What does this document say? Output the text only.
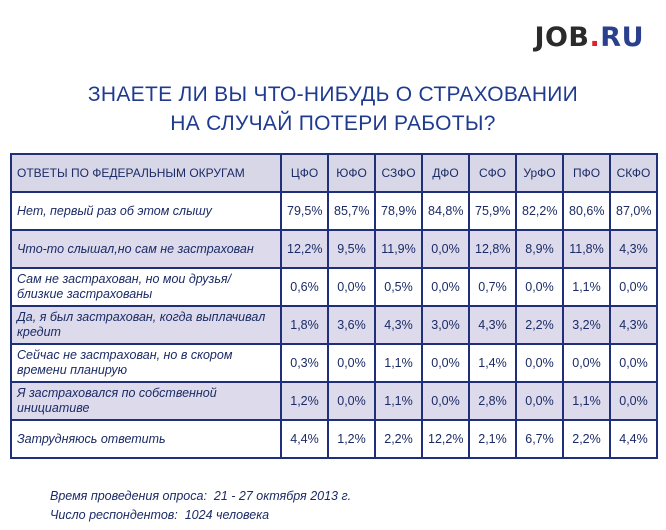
JOB.RU
ЗНАЕТЕ ЛИ ВЫ ЧТО-НИБУДЬ О СТРАХОВАНИИ
НА СЛУЧАЙ ПОТЕРИ РАБОТЫ?
ОТВЕТЫ ПО ФЕДЕРАЛЬНЫМ ОКРУГАМ	ЦФО	ЮФО	СЗФО	ДФО	СФО	УрФО	ПФО	СКФО
Нет, первый раз об этом слышу	79,5%	85,7%	78,9%	84,8%	75,9%	82,2%	80,6%	87,0%
Что-то слышал,но сам не застрахован	12,2%	9,5%	11,9%	0,0%	12,8%	8,9%	11,8%	4,3%
Сам не застрахован, но мои друзья/близкие застрахованы	0,6%	0,0%	0,5%	0,0%	0,7%	0,0%	1,1%	0,0%
Да, я был застрахован, когда выплачивал кредит	1,8%	3,6%	4,3%	3,0%	4,3%	2,2%	3,2%	4,3%
Сейчас не застрахован, но в скором времени планирую	0,3%	0,0%	1,1%	0,0%	1,4%	0,0%	0,0%	0,0%
Я застраховался по собственной инициативе	1,2%	0,0%	1,1%	0,0%	2,8%	0,0%	1,1%	0,0%
Затрудняюсь ответить	4,4%	1,2%	2,2%	12,2%	2,1%	6,7%	2,2%	4,4%
Время проведения опроса: 21 - 27 октября 2013 г.
Число респондентов: 1024 человека
